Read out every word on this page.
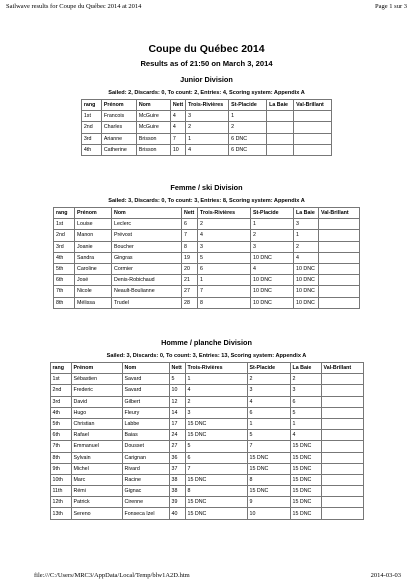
Sailwave results for Coupe du Québec 2014 at 2014	Page 1 sur 3
Coupe du Québec 2014
Results as of 21:50 on March 3, 2014
Junior Division
Sailed: 2, Discards: 0, To count: 2, Entries: 4, Scoring system: Appendix A
rang	Prénom	Nom	Nett	Trois-Rivières	St-Placide	La Baie	Val-Brillant
1st	Francois	McGuire	4	3	1		
2nd	Charles	McGuire	4	2	2		
3rd	Arianne	Brisson	7	1	6 DNC		
4th	Catherine	Brisson	10	4	6 DNC		
Femme / ski Division
Sailed: 3, Discards: 0, To count: 3, Entries: 8, Scoring system: Appendix A
rang	Prénom	Nom	Nett	Trois-Rivières	St-Placide	La Baie	Val-Brillant
1st	Louise	Leclerc	6	2	1	3	
2nd	Manon	Prévost	7	4	2	1	
3rd	Joanie	Boucher	8	3	3	2	
4th	Sandra	Gingras	19	5	10 DNC	4	
5th	Caroline	Cormier	20	6	4	10 DNC	
6th	José	Denis-Robichaud	21	1	10 DNC	10 DNC	
7th	Nicole	Neault-Boulianne	27	7	10 DNC	10 DNC	
8th	Mélissa	Trudel	28	8	10 DNC	10 DNC	
Homme / planche Division
Sailed: 3, Discards: 0, To count: 3, Entries: 13, Scoring system: Appendix A
rang	Prénom	Nom	Nett	Trois-Rivières	St-Placide	La Baie	Val-Brillant
1st	Sébastien	Savard	5	1	2	2	
2nd	Frederic	Savard	10	4	3	3	
3rd	David	Gilbert	12	2	4	6	
4th	Hugo	Fleury	14	3	6	5	
5th	Christian	Labbe	17	15 DNC	1	1	
6th	Rafael	Baias	24	15 DNC	5	4	
7th	Emmanuel	Dousset	27	5	7	15 DNC	
8th	Sylvain	Carignan	36	6	15 DNC	15 DNC	
9th	Michel	Rivard	37	7	15 DNC	15 DNC	
10th	Marc	Racine	38	15 DNC	8	15 DNC	
11th	Rémi	Gignac	38	8	15 DNC	15 DNC	
12th	Patrick	Cirenne	39	15 DNC	9	15 DNC	
13th	Sereno	Fonseca Izel	40	15 DNC	10	15 DNC	
file:///C:/Users/MRC3/AppData/Local/Temp/blw1A2D.htm	2014-03-03
